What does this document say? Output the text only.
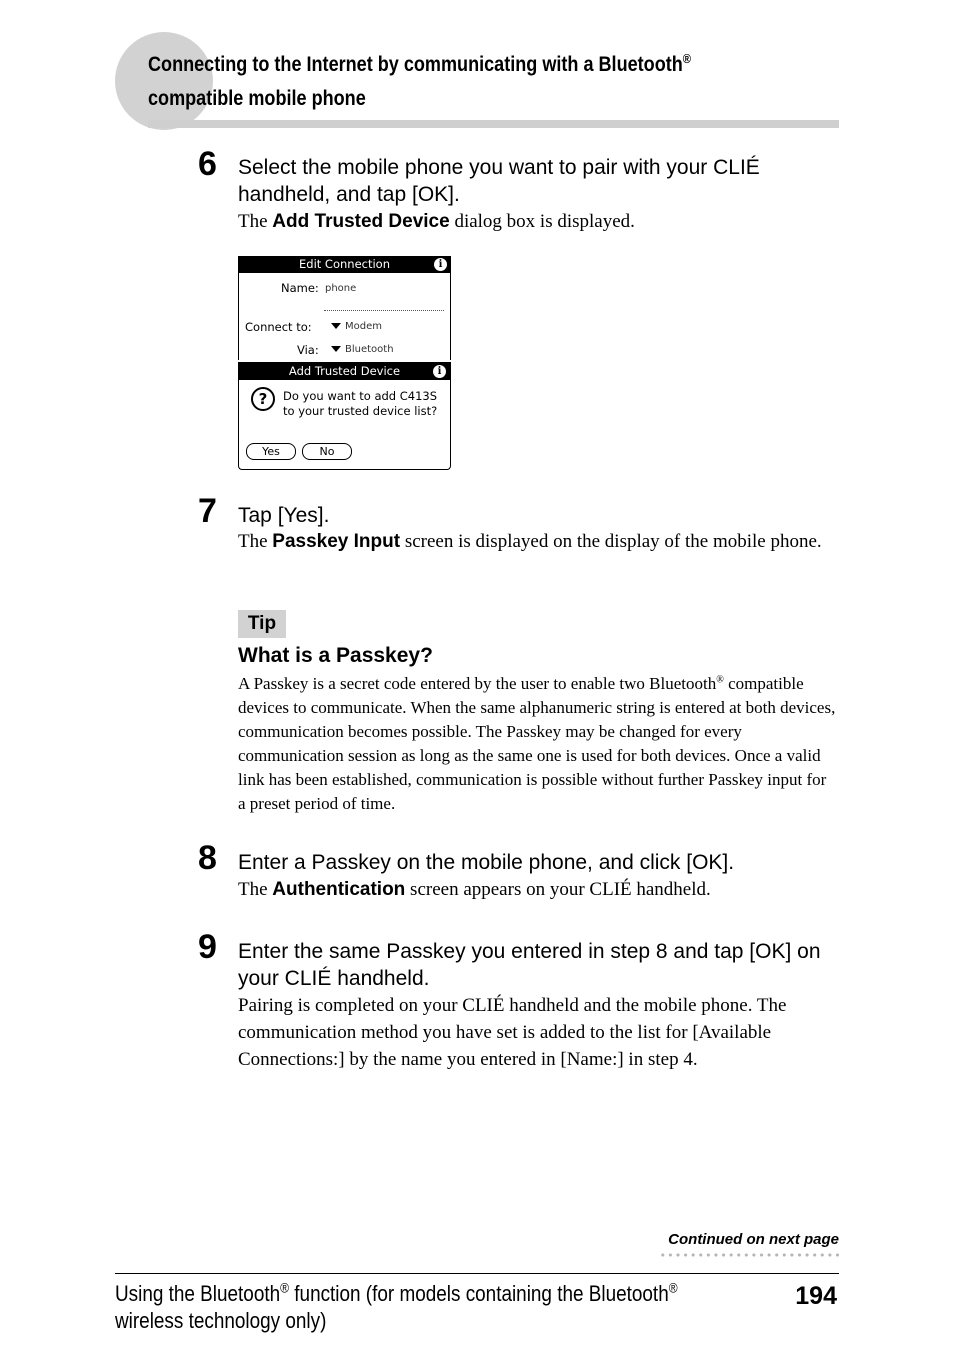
Connecting to the Internet by communicating with a Bluetooth® compatible mobile phone
6 Select the mobile phone you want to pair with your CLIÉ handheld, and tap [OK].
The Add Trusted Device dialog box is displayed.
Edit Connection	i
Name: phone
Connect to:	Modem
Via:	Bluetooth
Add Trusted Device	i
?	Do you want to add C413S to your trusted device list?
Yes	No
7 Tap [Yes].
The Passkey Input screen is displayed on the display of the mobile phone.
Tip
What is a Passkey?
A Passkey is a secret code entered by the user to enable two Bluetooth® compatible devices to communicate. When the same alphanumeric string is entered at both devices, communication becomes possible. The Passkey may be changed for every communication session as long as the same one is used for both devices. Once a valid link has been established, communication is possible without further Passkey input for a preset period of time.
8 Enter a Passkey on the mobile phone, and click [OK].
The Authentication screen appears on your CLIÉ handheld.
9 Enter the same Passkey you entered in step 8 and tap [OK] on your CLIÉ handheld.
Pairing is completed on your CLIÉ handheld and the mobile phone. The communication method you have set is added to the list for [Available Connections:] by the name you entered in [Name:] in step 4.
Continued on next page
Using the Bluetooth® function (for models containing the Bluetooth® wireless technology only)
194
